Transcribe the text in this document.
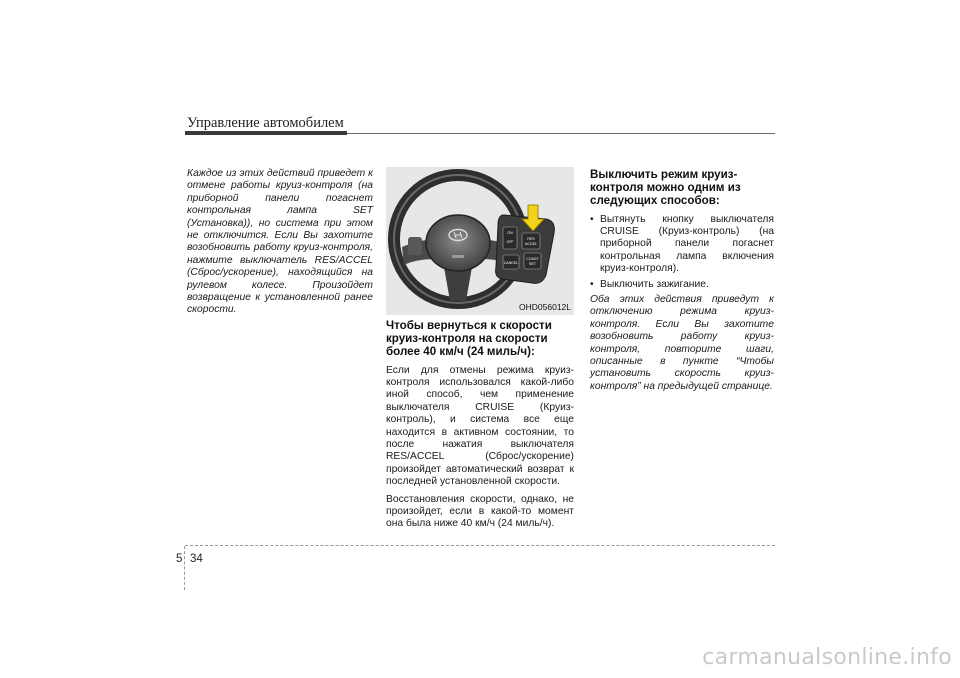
Управление автомобилем
Каждое из этих действий приведет к
отмене работы круиз-контроля (на
приборной панели погаснет
контрольная лампа SET
(Установка)), но система при этом
не отключится. Если Вы захотите
возобновить работу круиз-контроля,
нажмите выключатель RES/ACCEL
(Сброс/ускорение), находящийся на
рулевом колесе. Произойдет
возвращение к установленной ранее
скорости.
ON
OFF
RES
ACCEL
CANCEL
COAST
SET
OHD056012L
Чтобы вернуться к скорости круиз-контроля на скорости более 40 км/ч (24 миль/ч):

Если для отмены режима круиз-контроля использовался какой-либо иной способ, чем применение выключателя CRUISE (Круиз-контроль), и система все еще находится в активном состоянии, то после нажатия выключателя RES/ACCEL (Сброс/ускорение) произойдет автоматический возврат к последней установленной скорости.

Восстановления скорости, однако, не произойдет, если в какой-то момент она была ниже 40 км/ч (24 миль/ч).

Выключить режим круиз-контроля можно одним из следующих способов:
• Вытянуть кнопку выключателя CRUISE (Круиз-контроль) (на приборной панели погаснет контрольная лампа включения круиз-контроля).
• Выключить зажигание.

Оба этих действия приведут к отключению режима круиз-контроля. Если Вы захотите возобновить работу круиз-контроля, повторите шаги, описанные в пункте “Чтобы установить скорость круиз-контроля” на предыдущей странице.

5 34
carmanualsonline.info
